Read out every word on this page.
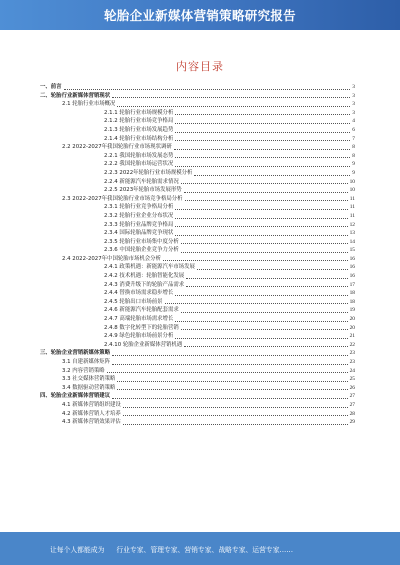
轮胎企业新媒体营销策略研究报告
内容目录
一、前言	3
二、轮胎行业新媒体营销现状	3
2.1 轮胎行业市场概况	3
2.1.1 轮胎行业市场规模分析	3
2.1.2 轮胎行业市场竞争格局	4
2.1.3 轮胎行业市场发展趋势	6
2.1.4 轮胎行业市场结构分析	7
2.2 2022-2027年我国轮胎行业市场现状调研	8
2.2.1 我国轮胎市场发展态势	8
2.2.2 我国轮胎市场运营状况	9
2.2.3 2022年轮胎行业市场规模分析	9
2.2.4 新能源汽车轮胎需求情况	10
2.2.5 2023年轮胎市场发展形势	10
2.3 2022-2027年我国轮胎行业市场竞争格局分析	11
2.3.1 轮胎行业竞争格局分析	11
2.3.2 轮胎行业企业分布状况	11
2.3.3 轮胎行业品牌竞争格局	12
2.3.4 国际轮胎品牌竞争现状	13
2.3.5 轮胎行业市场集中度分析	14
2.3.6 中国轮胎企业竞争力分析	15
2.4 2022-2027年中国轮胎市场机会分析	16
2.4.1 政策机遇：新能源汽车市场发展	16
2.4.2 技术机遇：轮胎智能化发展	16
2.4.3 消费升级下的轮胎产品需求	17
2.4.4 替换市场需求稳步增长	18
2.4.5 轮胎出口市场前景	18
2.4.6 新能源汽车轮胎配套需求	19
2.4.7 高端轮胎市场需求增长	20
2.4.8 数字化转型下的轮胎营销	20
2.4.9 绿色轮胎市场前景分析	21
2.4.10 轮胎企业新媒体营销机遇	22
三、轮胎企业营销新媒体策略	23
3.1 自建新媒体矩阵	23
3.2 内容营销策略	24
3.3 社交媒体营销策略	25
3.4 数据驱动营销策略	26
四、轮胎企业新媒体营销建议	27
4.1 新媒体营销组织建设	27
4.2 新媒体营销人才培养	28
4.3 新媒体营销效果评估	29
让每个人都能成为 行业专家、管理专家、营销专家、战略专家、运营专家……
